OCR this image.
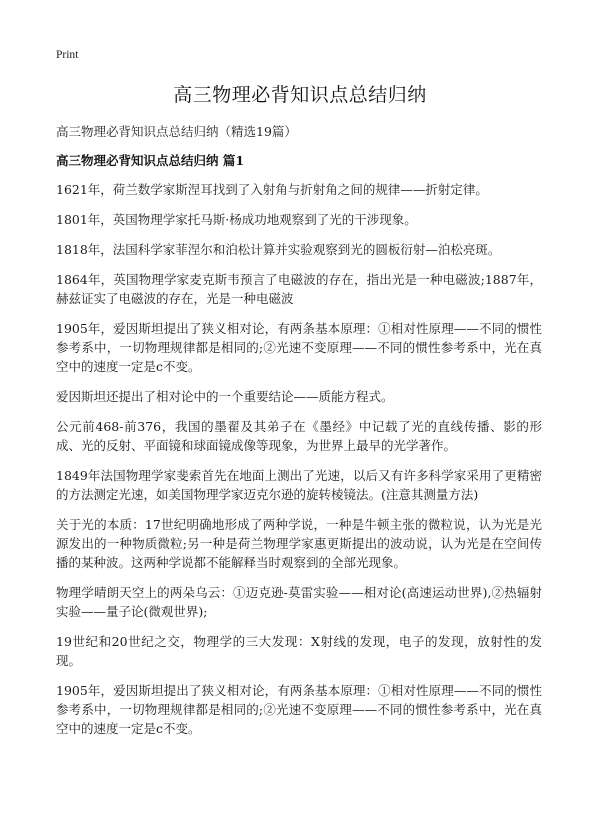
Print
高三物理必背知识点总结归纳
高三物理必背知识点总结归纳（精选19篇）
高三物理必背知识点总结归纳 篇1

1621年，荷兰数学家斯涅耳找到了入射角与折射角之间的规律——折射定律。

1801年，英国物理学家托马斯·杨成功地观察到了光的干涉现象。

1818年，法国科学家菲涅尔和泊松计算并实验观察到光的圆板衍射—泊松亮斑。

1864年，英国物理学家麦克斯韦预言了电磁波的存在，指出光是一种电磁波;1887年，赫兹证实了电磁波的存在，光是一种电磁波

1905年，爱因斯坦提出了狭义相对论，有两条基本原理：①相对性原理——不同的惯性参考系中，一切物理规律都是相同的;②光速不变原理——不同的惯性参考系中，光在真空中的速度一定是c不变。

爱因斯坦还提出了相对论中的一个重要结论——质能方程式。

公元前468-前376，我国的墨翟及其弟子在《墨经》中记载了光的直线传播、影的形成、光的反射、平面镜和球面镜成像等现象，为世界上最早的光学著作。

1849年法国物理学家斐索首先在地面上测出了光速，以后又有许多科学家采用了更精密的方法测定光速，如美国物理学家迈克尔逊的旋转棱镜法。(注意其测量方法)

关于光的本质：17世纪明确地形成了两种学说，一种是牛顿主张的微粒说，认为光是光源发出的一种物质微粒;另一种是荷兰物理学家惠更斯提出的波动说，认为光是在空间传播的某种波。这两种学说都不能解释当时观察到的全部光现象。

物理学晴朗天空上的两朵乌云：①迈克逊-莫雷实验——相对论(高速运动世界),②热辐射实验——量子论(微观世界);

19世纪和20世纪之交，物理学的三大发现：X射线的发现，电子的发现，放射性的发现。

1905年，爱因斯坦提出了狭义相对论，有两条基本原理：①相对性原理——不同的惯性参考系中，一切物理规律都是相同的;②光速不变原理——不同的惯性参考系中，光在真空中的速度一定是c不变。
